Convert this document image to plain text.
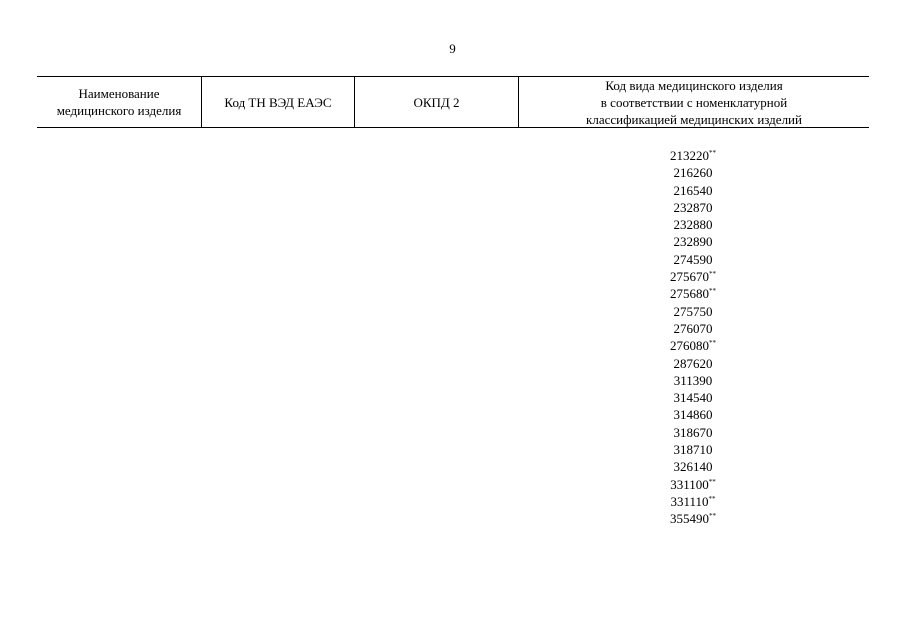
9
Наименование
медицинского изделия
Код ТН ВЭД ЕАЭС	ОКПД 2
Код вида медицинского изделия
в соответствии с номенклатурной
классификацией медицинских изделий
213220**
216260
216540
232870
232880
232890
274590
275670**
275680**
275750
276070
276080**
287620
311390
314540
314860
318670
318710
326140
331100**
331110**
355490**
